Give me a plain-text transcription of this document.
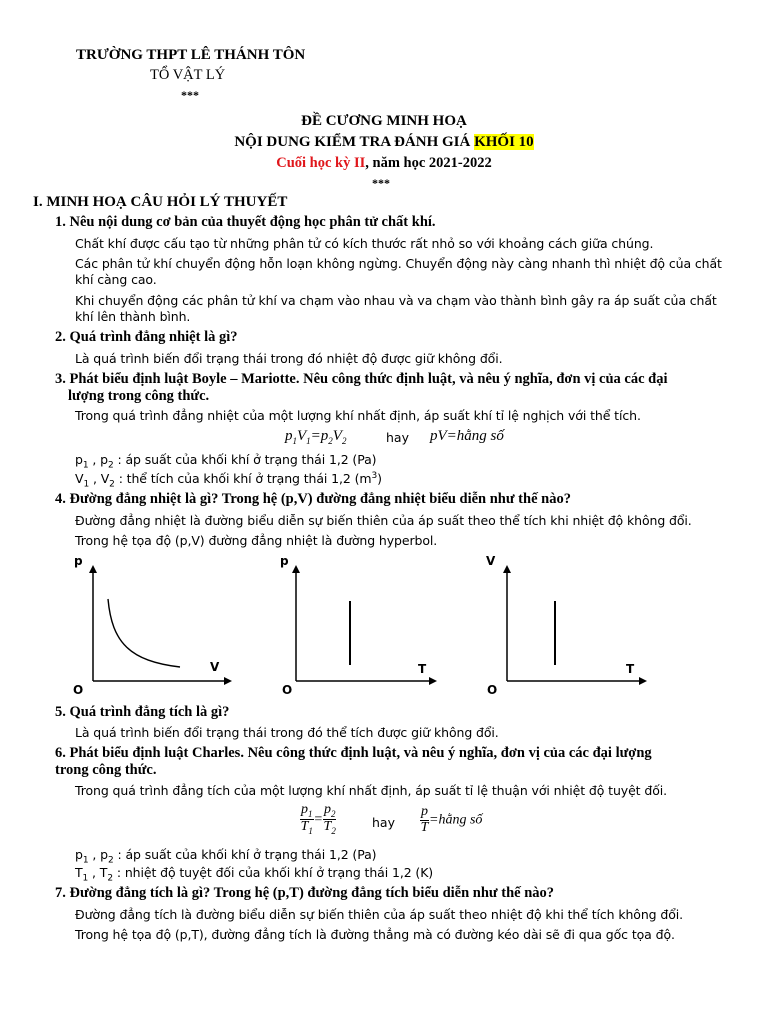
TRƯỜNG THPT LÊ THÁNH TÔN
TỔ VẬT LÝ
***
ĐỀ CƯƠNG MINH HOẠ
NỘI DUNG KIỂM TRA ĐÁNH GIÁ KHỐI 10
Cuối học kỳ II, năm học 2021-2022
***
I. MINH HOẠ CÂU HỎI LÝ THUYẾT
1. Nêu nội dung cơ bản của thuyết động học phân tử chất khí.
Chất khí được cấu tạo từ những phân tử có kích thước rất nhỏ so với khoảng cách giữa chúng.
Các phân tử khí chuyển động hỗn loạn không ngừng. Chuyển động này càng nhanh thì nhiệt độ của chất
khí càng cao.
Khi chuyển động các phân tử khí va chạm vào nhau và va chạm vào thành bình gây ra áp suất của chất
khí lên thành bình.
2. Quá trình đẳng nhiệt là gì?
Là quá trình biến đổi trạng thái trong đó nhiệt độ được giữ không đổi.
3. Phát biểu định luật Boyle – Mariotte. Nêu công thức định luật, và nêu ý nghĩa, đơn vị của các đại
lượng trong công thức.
Trong quá trình đẳng nhiệt của một lượng khí nhất định, áp suất khí tỉ lệ nghịch với thể tích.
$p_1V_1=p_2V_2$	hay pV=hằng số
$p_1$ , $p_2$ : áp suất của khối khí ở trạng thái 1,2 (Pa)
$V_1$ , $V_2$ : thể tích của khối khí ở trạng thái 1,2 $(m^3)$
4. Đường đẳng nhiệt là gì? Trong hệ (p,V) đường đẳng nhiệt biểu diễn như thế nào?
Đường đẳng nhiệt là đường biểu diễn sự biến thiên của áp suất theo thể tích khi nhiệt độ không đổi.
Trong hệ tọa độ (p,V) đường đẳng nhiệt là đường hyperbol.
p
V
O
p
T
O
V
T
O
5. Quá trình đẳng tích là gì?
Là quá trình biến đổi trạng thái trong đó thể tích được giữ không đổi.
6. Phát biểu định luật Charles. Nêu công thức định luật, và nêu ý nghĩa, đơn vị của các đại lượng
trong công thức.
Trong quá trình đẳng tích của một lượng khí nhất định, áp suất tỉ lệ thuận với nhiệt độ tuyệt đối.
$\frac{p_1}{T_1} = \frac{p_2}{T_2}$	hay $\frac{p}{T}$ =hằng số
$p_1$ , $p_2$ : áp suất của khối khí ở trạng thái 1,2 (Pa)
$T_1$ , $T_2$ : nhiệt độ tuyệt đối của khối khí ở trạng thái 1,2 (K)
7. Đường đẳng tích là gì? Trong hệ (p,T) đường đẳng tích biểu diễn như thế nào?
Đường đẳng tích là đường biểu diễn sự biến thiên của áp suất theo nhiệt độ khi thể tích không đổi.
Trong hệ tọa độ (p,T), đường đẳng tích là đường thẳng mà có đường kéo dài sẽ đi qua gốc tọa độ.
